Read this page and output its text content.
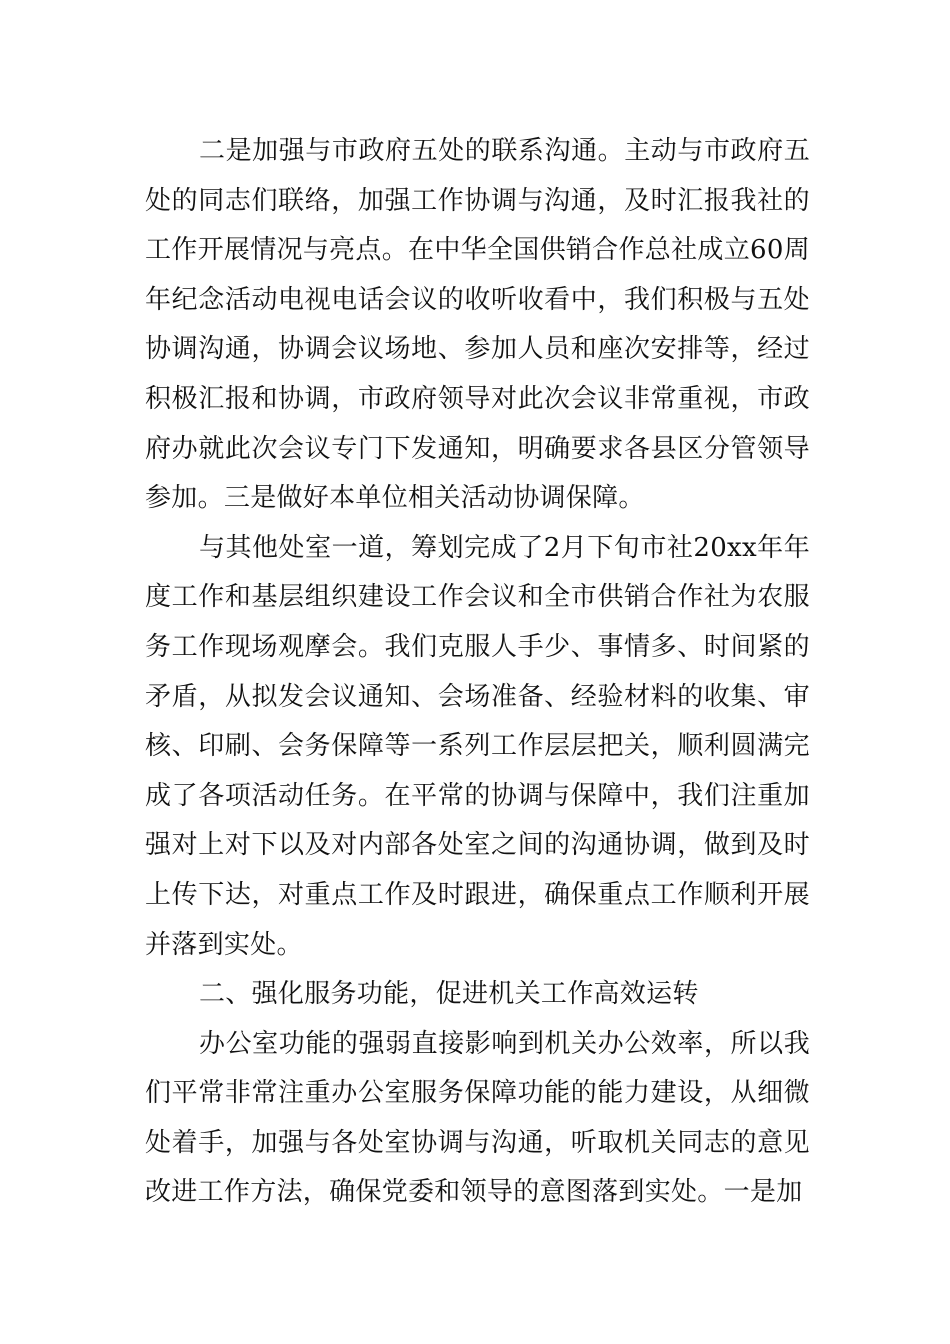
二是加强与市政府五处的联系沟通。主动与市政府五处的同志们联络，加强工作协调与沟通，及时汇报我社的工作开展情况与亮点。在中华全国供销合作总社成立60周年纪念活动电视电话会议的收听收看中，我们积极与五处协调沟通，协调会议场地、参加人员和座次安排等，经过积极汇报和协调，市政府领导对此次会议非常重视，市政府办就此次会议专门下发通知，明确要求各县区分管领导参加。三是做好本单位相关活动协调保障。

与其他处室一道，筹划完成了2月下旬市社20xx年年度工作和基层组织建设工作会议和全市供销合作社为农服务工作现场观摩会。我们克服人手少、事情多、时间紧的矛盾，从拟发会议通知、会场准备、经验材料的收集、审核、印刷、会务保障等一系列工作层层把关，顺利圆满完成了各项活动任务。在平常的协调与保障中，我们注重加强对上对下以及对内部各处室之间的沟通协调，做到及时上传下达，对重点工作及时跟进，确保重点工作顺利开展并落到实处。

二、强化服务功能，促进机关工作高效运转

办公室功能的强弱直接影响到机关办公效率，所以我们平常非常注重办公室服务保障功能的能力建设，从细微处着手，加强与各处室协调与沟通，听取机关同志的意见改进工作方法，确保党委和领导的意图落到实处。一是加
